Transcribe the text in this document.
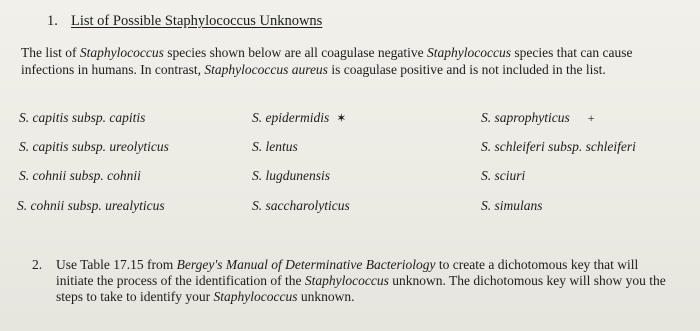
1. List of Possible Staphylococcus Unknowns
The list of Staphylococcus species shown below are all coagulase negative Staphylococcus species that can cause infections in humans. In contrast, Staphylococcus aureus is coagulase positive and is not included in the list.
S. capitis subsp. capitis
S. capitis subsp. ureolyticus
S. cohnii subsp. cohnii
S. cohnii subsp. urealyticus
S. epidermidis ✶
S. lentus
S. lugdunensis
S. saccharolyticus
S. saprophyticus +
S. schleiferi subsp. schleiferi
S. sciuri
S. simulans
2. Use Table 17.15 from Bergey's Manual of Determinative Bacteriology to create a dichotomous key that will initiate the process of the identification of the Staphylococcus unknown. The dichotomous key will show you the steps to take to identify your Staphylococcus unknown.
